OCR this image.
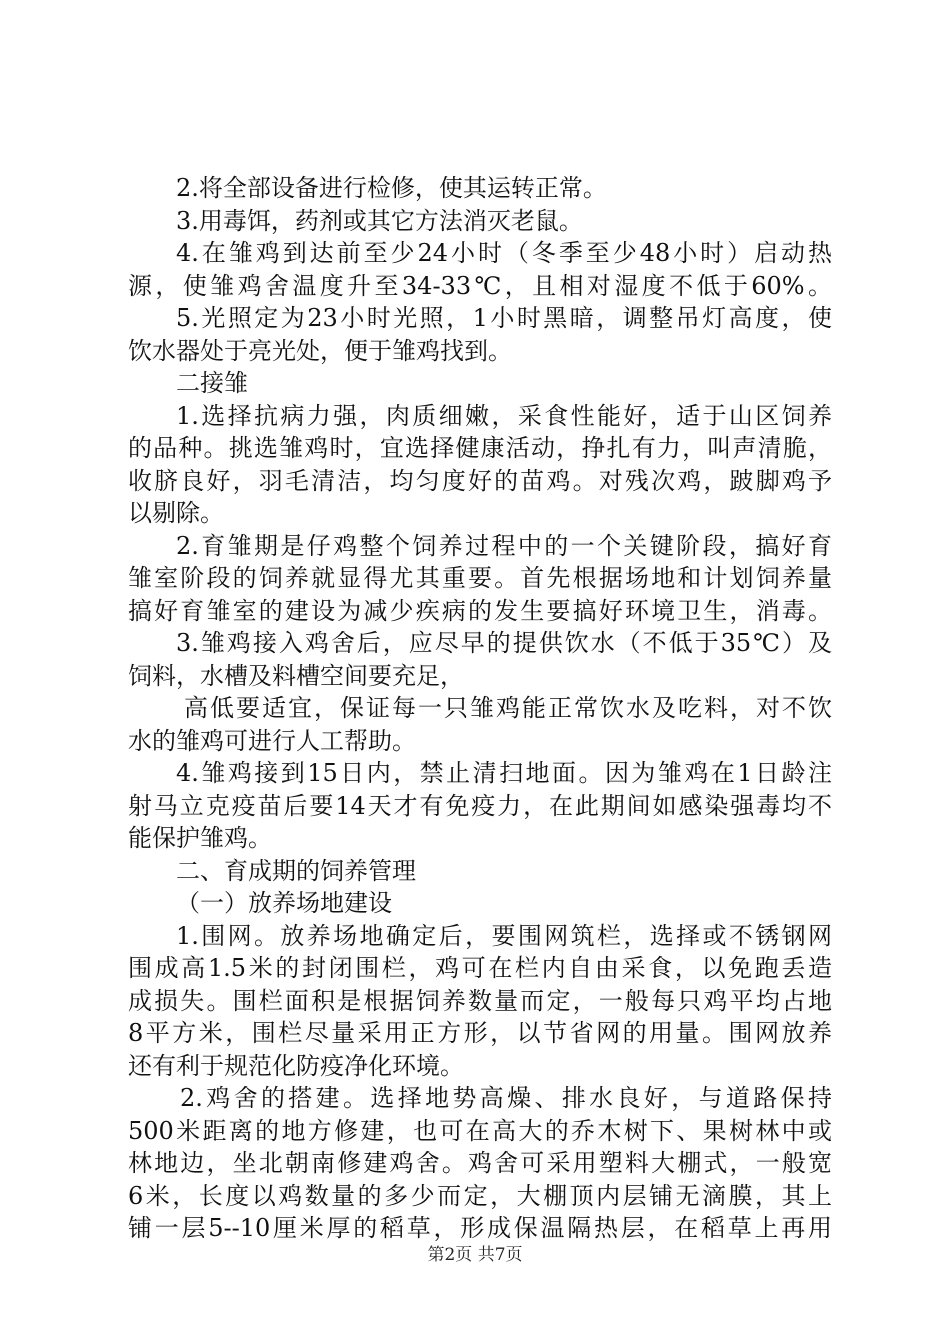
2.将全部设备进行检修，使其运转正常。
3.用毒饵，药剂或其它方法消灭老鼠。
4.在雏鸡到达前至少24小时（冬季至少48小时）启动热
源，使雏鸡舍温度升至34-33℃，且相对湿度不低于60%。
5.光照定为23小时光照，1小时黑暗，调整吊灯高度，使
饮水器处于亮光处，便于雏鸡找到。
二接雏
1.选择抗病力强，肉质细嫩，采食性能好，适于山区饲养
的品种。挑选雏鸡时，宜选择健康活动，挣扎有力，叫声清脆，
收脐良好，羽毛清洁，均匀度好的苗鸡。对残次鸡，跛脚鸡予
以剔除。
2.育雏期是仔鸡整个饲养过程中的一个关键阶段，搞好育
雏室阶段的饲养就显得尤其重要。首先根据场地和计划饲养量
搞好育雏室的建设为减少疾病的发生要搞好环境卫生，消毒。
3.雏鸡接入鸡舍后，应尽早的提供饮水（不低于35℃）及
饲料，水槽及料槽空间要充足，
高低要适宜，保证每一只雏鸡能正常饮水及吃料，对不饮
水的雏鸡可进行人工帮助。
4.雏鸡接到15日内，禁止清扫地面。因为雏鸡在1日龄注
射马立克疫苗后要14天才有免疫力，在此期间如感染强毒均不
能保护雏鸡。
二、育成期的饲养管理
（一）放养场地建设
1.围网。放养场地确定后，要围网筑栏，选择或不锈钢网
围成高1.5米的封闭围栏，鸡可在栏内自由采食，以免跑丢造
成损失。围栏面积是根据饲养数量而定，一般每只鸡平均占地
8平方米，围栏尽量采用正方形，以节省网的用量。围网放养
还有利于规范化防疫净化环境。
2.鸡舍的搭建。选择地势高燥、排水良好，与道路保持
500米距离的地方修建，也可在高大的乔木树下、果树林中或
林地边，坐北朝南修建鸡舍。鸡舍可采用塑料大棚式，一般宽
6米，长度以鸡数量的多少而定，大棚顶内层铺无滴膜，其上
铺一层5--10厘米厚的稻草，形成保温隔热层，在稻草上再用
第2页 共7页
